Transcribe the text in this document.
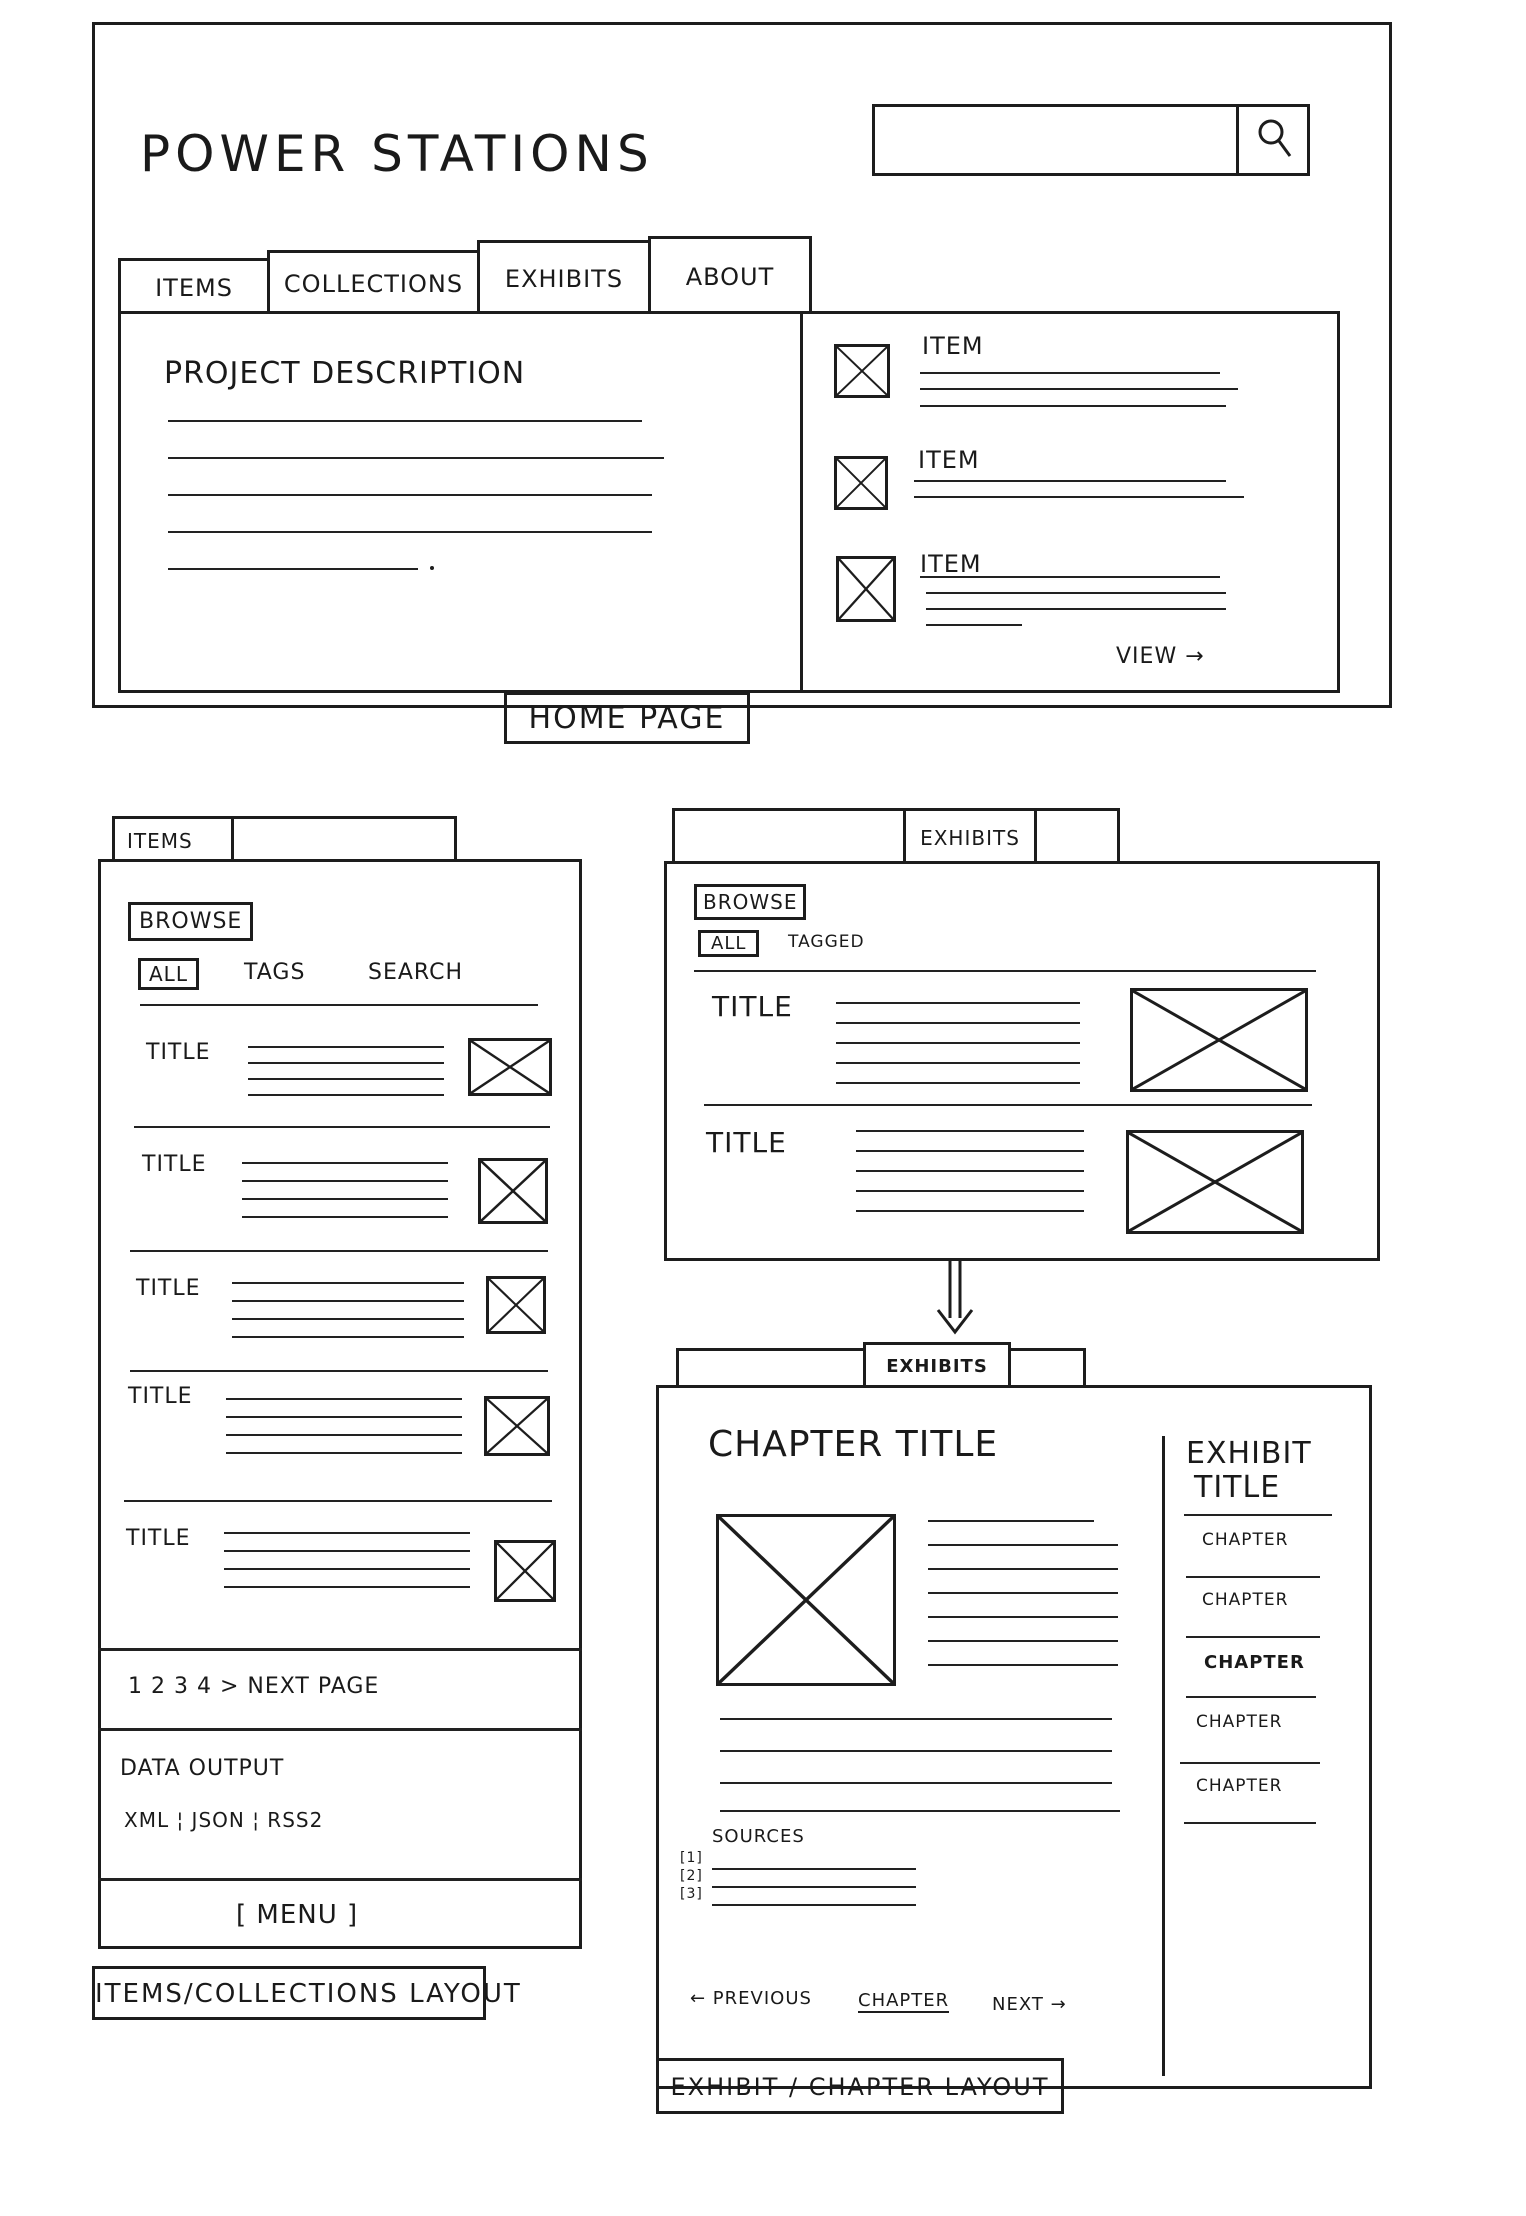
POWER STATIONS
ITEMS	COLLECTIONS	EXHIBITS	ABOUT
PROJECT DESCRIPTION
ITEM
ITEM
ITEM
VIEW →
HOME PAGE
ITEMS
BROWSE
ALL	TAGS	SEARCH
TITLE
TITLE
TITLE
TITLE
TITLE
1 2 3 4 > NEXT PAGE
DATA OUTPUT
XML ¦ JSON ¦ RSS2
[ MENU ]
ITEMS/COLLECTIONS LAYOUT
EXHIBITS
BROWSE
ALL	TAGGED
TITLE
TITLE
EXHIBITS
CHAPTER TITLE
SOURCES
[1]
[2]
[3]
← PREVIOUS	CHAPTER NEXT →
EXHIBIT
TITLE
CHAPTER
CHAPTER
CHAPTER
CHAPTER
CHAPTER
EXHIBIT / CHAPTER LAYOUT
